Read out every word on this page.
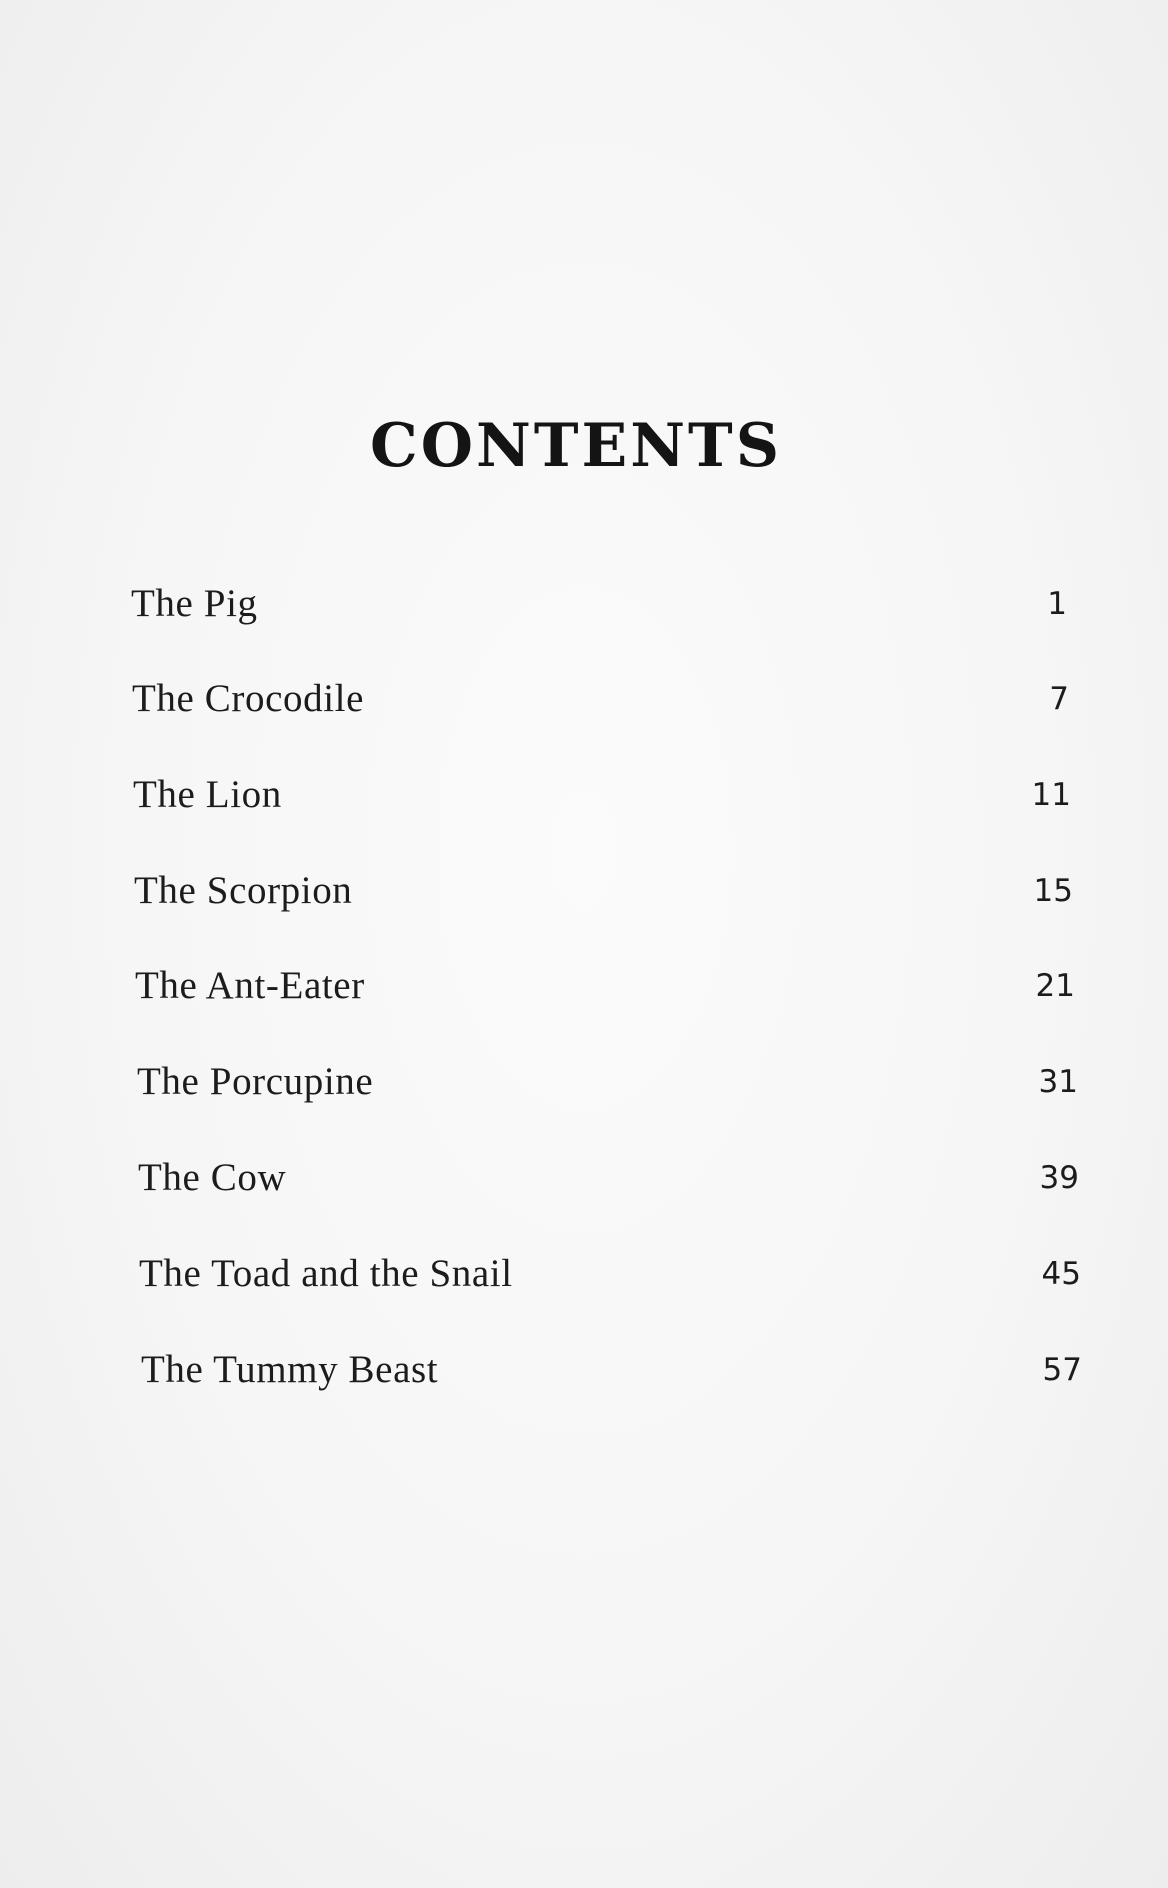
CONTENTS
The Pig	1
The Crocodile	7
The Lion	11
The Scorpion	15
The Ant-Eater	21
The Porcupine	31
The Cow	39
The Toad and the Snail	45
The Tummy Beast	57
